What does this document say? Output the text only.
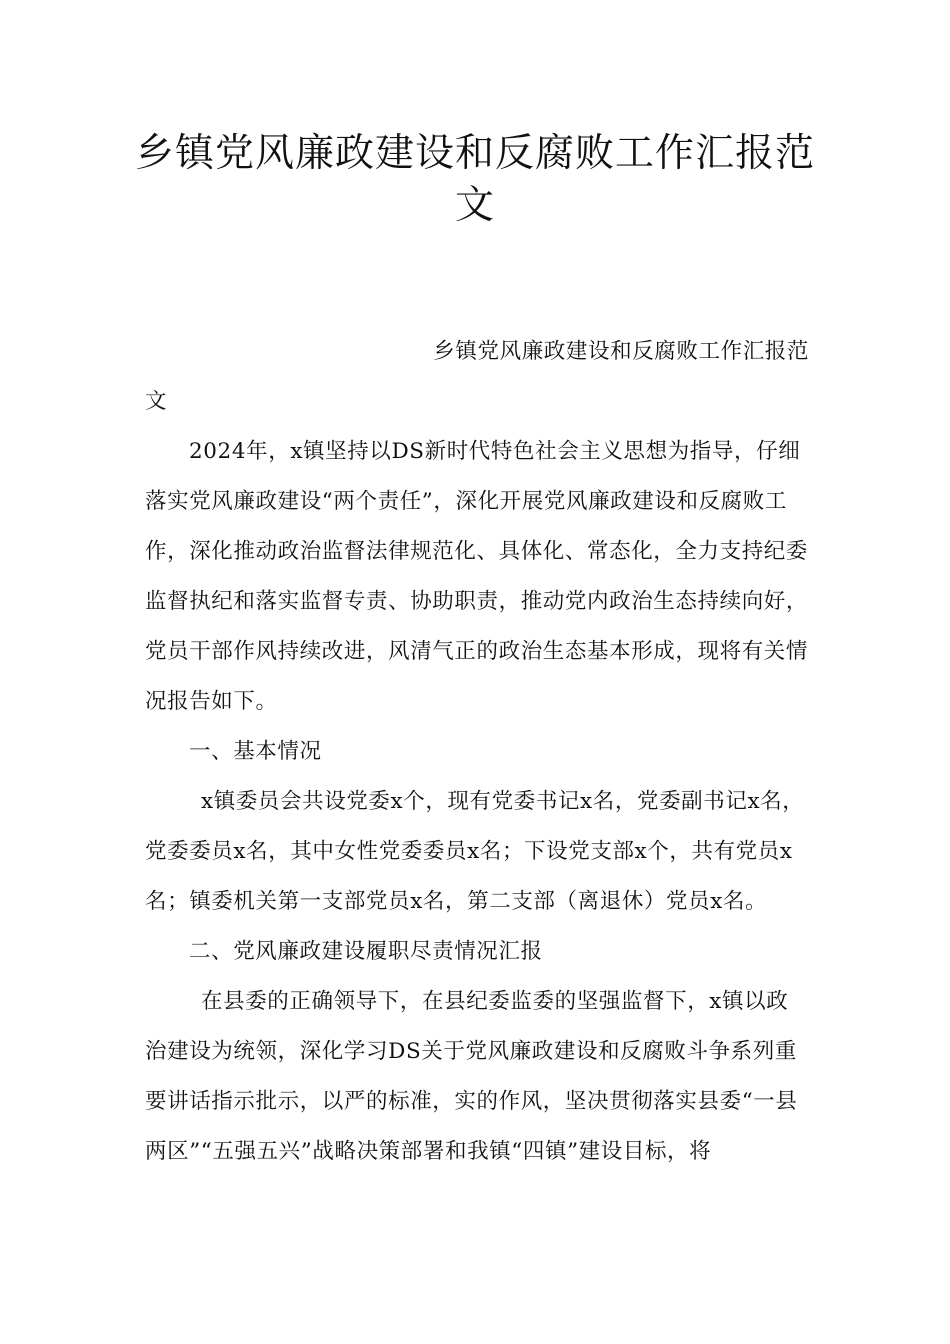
乡镇党风廉政建设和反腐败工作汇报范
文

乡镇党风廉政建设和反腐败工作汇报范

文

2024年，x镇坚持以DS新时代特色社会主义思想为指导，仔细落实党风廉政建设“两个责任”，深化开展党风廉政建设和反腐败工作，深化推动政治监督法律规范化、具体化、常态化，全力支持纪委监督执纪和落实监督专责、协助职责，推动党内政治生态持续向好，党员干部作风持续改进，风清气正的政治生态基本形成，现将有关情况报告如下。

一、基本情况

x镇委员会共设党委x个，现有党委书记x名，党委副书记x名，党委委员x名，其中女性党委委员x名；下设党支部x个，共有党员x名；镇委机关第一支部党员x名，第二支部（离退休）党员x名。

二、党风廉政建设履职尽责情况汇报

在县委的正确领导下，在县纪委监委的坚强监督下，x镇以政治建设为统领，深化学习DS关于党风廉政建设和反腐败斗争系列重要讲话指示批示，以严的标准，实的作风，坚决贯彻落实县委“一县两区”“五强五兴”战略决策部署和我镇“四镇”建设目标，将
